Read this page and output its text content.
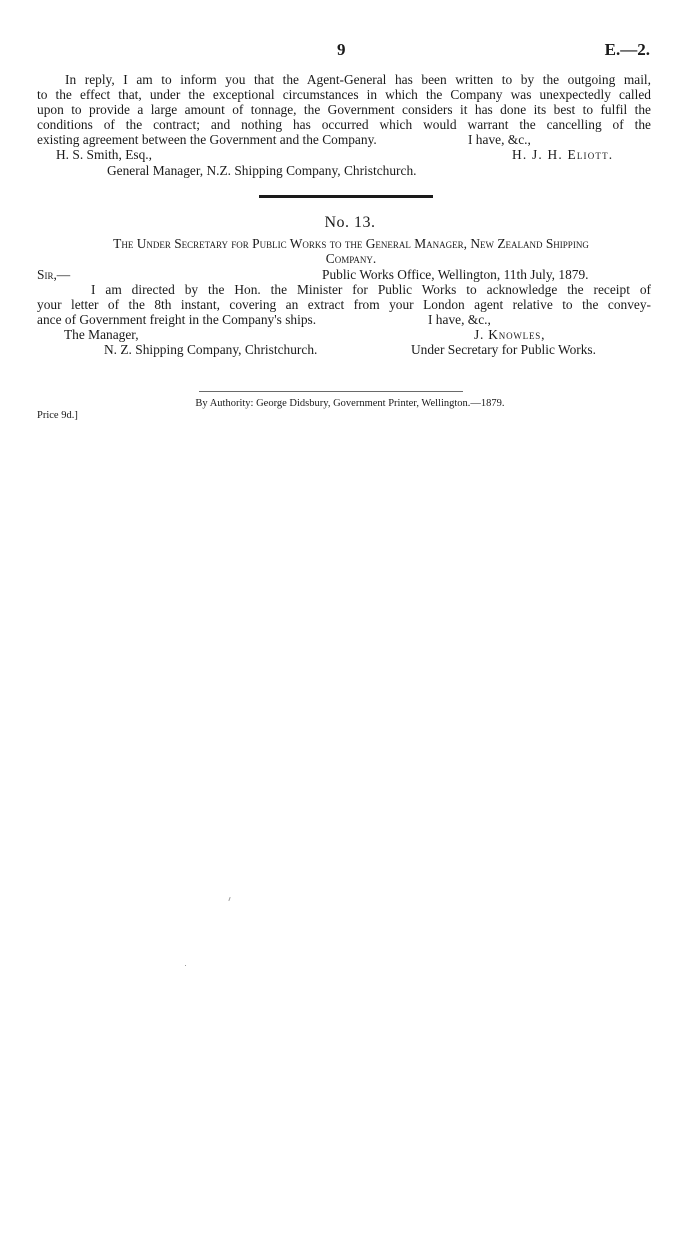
9	E.—2.
In reply, I am to inform you that the Agent-General has been written to by the outgoing mail,
to the effect that, under the exceptional circumstances in which the Company was unexpectedly called
upon to provide a large amount of tonnage, the Government considers it has done its best to fulfil the
conditions of the contract; and nothing has occurred which would warrant the cancelling of the
existing agreement between the Government and the Company.	I have, &c.,
H. S. Smith, Esq.,	H. J. H. Eliott.
General Manager, N.Z. Shipping Company, Christchurch.
No. 13.
The Under Secretary for Public Works to the General Manager, New Zealand Shipping
Company.
Sir,—	Public Works Office, Wellington, 11th July, 1879.
I am directed by the Hon. the Minister for Public Works to acknowledge the receipt of
your letter of the 8th instant, covering an extract from your London agent relative to the convey-
ance of Government freight in the Company's ships.	I have, &c.,
The Manager,	J. Knowles,
N. Z. Shipping Company, Christchurch.	Under Secretary for Public Works.
By Authority: George Didsbury, Government Printer, Wellington.—1879.
Price 9d.]
